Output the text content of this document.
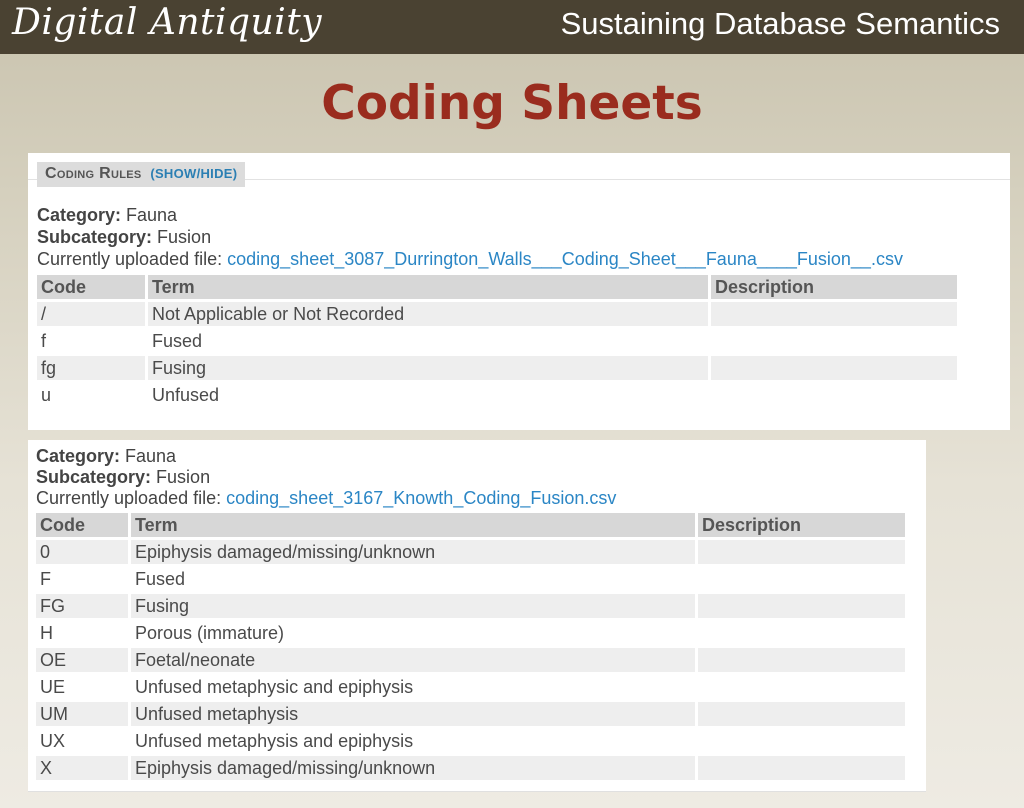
Digital Antiquity	Sustaining Database Semantics
Coding Sheets
Coding Rules (SHOW/HIDE)
Category: Fauna
Subcategory: Fusion
Currently uploaded file: coding_sheet_3087_Durrington_Walls___Coding_Sheet___Fauna____Fusion__.csv
Code	Term	Description
/	Not Applicable or Not Recorded	
f	Fused	
fg	Fusing	
u	Unfused	
Category: Fauna
Subcategory: Fusion
Currently uploaded file: coding_sheet_3167_Knowth_Coding_Fusion.csv
Code	Term	Description
0	Epiphysis damaged/missing/unknown	
F	Fused	
FG	Fusing	
H	Porous (immature)	
OE	Foetal/neonate	
UE	Unfused metaphysic and epiphysis	
UM	Unfused metaphysis	
UX	Unfused metaphysis and epiphysis	
X	Epiphysis damaged/missing/unknown	
